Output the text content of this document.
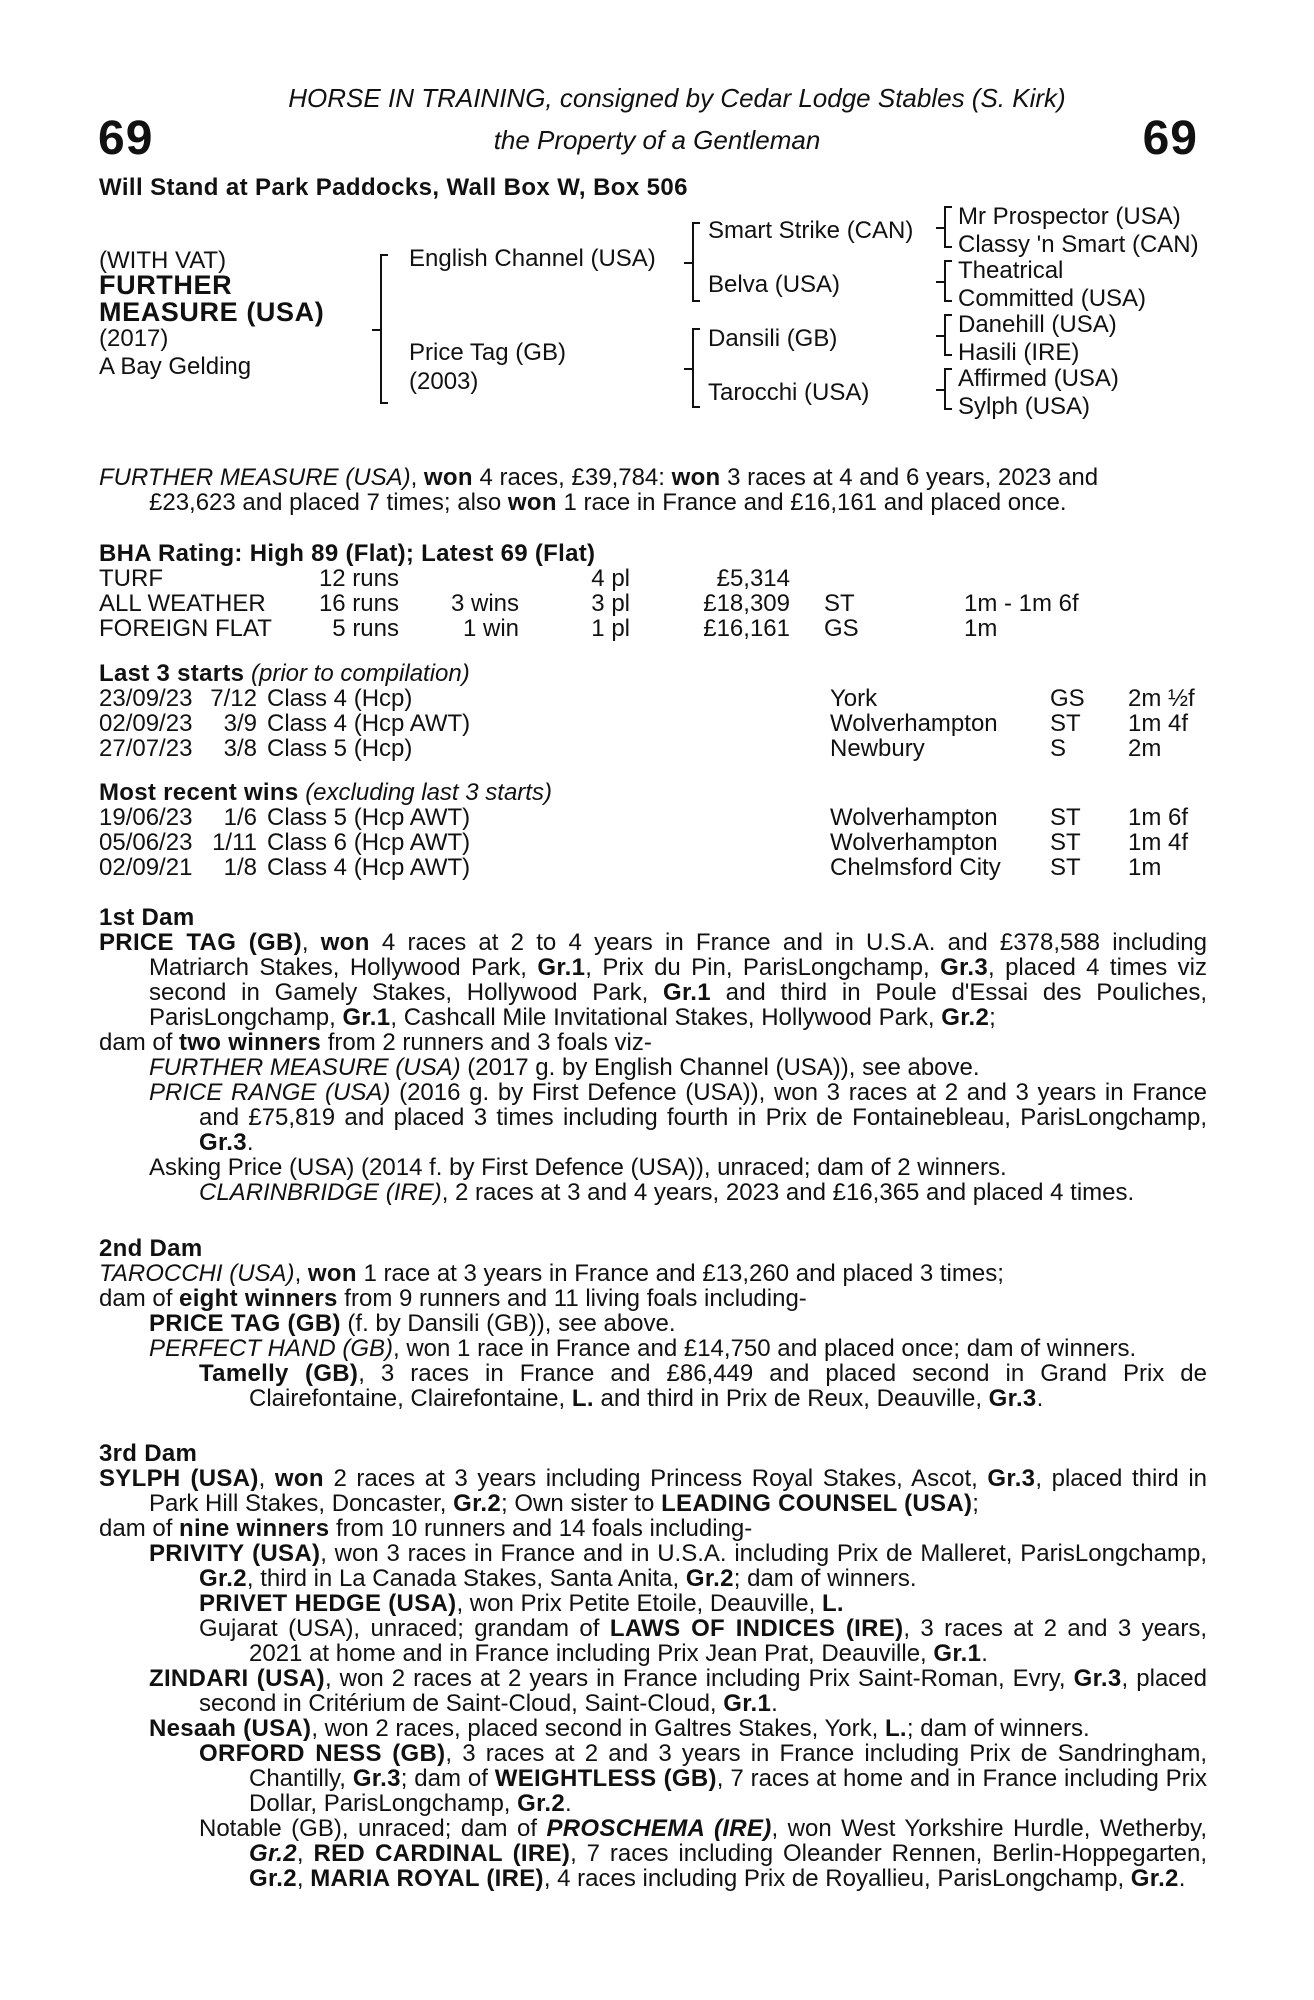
69	69
HORSE IN TRAINING, consigned by Cedar Lodge Stables (S. Kirk)
the Property of a Gentleman
Will Stand at Park Paddocks, Wall Box W, Box 506
(WITH VAT)
FURTHER
MEASURE (USA)
(2017)
A Bay Gelding
English Channel (USA)
Price Tag (GB)
(2003)
Smart Strike (CAN)
Belva (USA)
Dansili (GB)
Tarocchi (USA)
Mr Prospector (USA)
Classy 'n Smart (CAN)
Theatrical
Committed (USA)
Danehill (USA)
Hasili (IRE)
Affirmed (USA)
Sylph (USA)
FURTHER MEASURE (USA), won 4 races, £39,784: won 3 races at 4 and 6 years, 2023 and
£23,623 and placed 7 times; also won 1 race in France and £16,161 and placed once.
BHA Rating: High 89 (Flat); Latest 69 (Flat)
TURF	12 runs		4 pl	£5,314		
ALL WEATHER	16 runs	3 wins	3 pl	£18,309	ST	1m - 1m 6f
FOREIGN FLAT	5 runs	1 win	1 pl	£16,161	GS	1m
Last 3 starts (prior to compilation)
23/09/23	7/12	Class 4 (Hcp)	York	GS	2m ½f
02/09/23	3/9	Class 4 (Hcp AWT)	Wolverhampton	ST	1m 4f
27/07/23	3/8	Class 5 (Hcp)	Newbury	S	2m
Most recent wins (excluding last 3 starts)
19/06/23	1/6	Class 5 (Hcp AWT)	Wolverhampton	ST	1m 6f
05/06/23	1/11	Class 6 (Hcp AWT)	Wolverhampton	ST	1m 4f
02/09/21	1/8	Class 4 (Hcp AWT)	Chelmsford City	ST	1m
1st Dam
PRICE TAG (GB), won 4 races at 2 to 4 years in France and in U.S.A. and £378,588 including Matriarch Stakes, Hollywood Park, Gr.1, Prix du Pin, ParisLongchamp, Gr.3, placed 4 times viz second in Gamely Stakes, Hollywood Park, Gr.1 and third in Poule d'Essai des Pouliches, ParisLongchamp, Gr.1, Cashcall Mile Invitational Stakes, Hollywood Park, Gr.2;
dam of two winners from 2 runners and 3 foals viz-
FURTHER MEASURE (USA) (2017 g. by English Channel (USA)), see above.
PRICE RANGE (USA) (2016 g. by First Defence (USA)), won 3 races at 2 and 3 years in France and £75,819 and placed 3 times including fourth in Prix de Fontainebleau, ParisLongchamp, Gr.3.
Asking Price (USA) (2014 f. by First Defence (USA)), unraced; dam of 2 winners.
CLARINBRIDGE (IRE), 2 races at 3 and 4 years, 2023 and £16,365 and placed 4 times.
2nd Dam
TAROCCHI (USA), won 1 race at 3 years in France and £13,260 and placed 3 times;
dam of eight winners from 9 runners and 11 living foals including-
PRICE TAG (GB) (f. by Dansili (GB)), see above.
PERFECT HAND (GB), won 1 race in France and £14,750 and placed once; dam of winners.
Tamelly (GB), 3 races in France and £86,449 and placed second in Grand Prix de Clairefontaine, Clairefontaine, L. and third in Prix de Reux, Deauville, Gr.3.
3rd Dam
SYLPH (USA), won 2 races at 3 years including Princess Royal Stakes, Ascot, Gr.3, placed third in Park Hill Stakes, Doncaster, Gr.2; Own sister to LEADING COUNSEL (USA);
dam of nine winners from 10 runners and 14 foals including-
PRIVITY (USA), won 3 races in France and in U.S.A. including Prix de Malleret, ParisLongchamp, Gr.2, third in La Canada Stakes, Santa Anita, Gr.2; dam of winners.
PRIVET HEDGE (USA), won Prix Petite Etoile, Deauville, L.
Gujarat (USA), unraced; grandam of LAWS OF INDICES (IRE), 3 races at 2 and 3 years, 2021 at home and in France including Prix Jean Prat, Deauville, Gr.1.
ZINDARI (USA), won 2 races at 2 years in France including Prix Saint-Roman, Evry, Gr.3, placed second in Critérium de Saint-Cloud, Saint-Cloud, Gr.1.
Nesaah (USA), won 2 races, placed second in Galtres Stakes, York, L.; dam of winners.
ORFORD NESS (GB), 3 races at 2 and 3 years in France including Prix de Sandringham, Chantilly, Gr.3; dam of WEIGHTLESS (GB), 7 races at home and in France including Prix Dollar, ParisLongchamp, Gr.2.
Notable (GB), unraced; dam of PROSCHEMA (IRE), won West Yorkshire Hurdle, Wetherby, Gr.2, RED CARDINAL (IRE), 7 races including Oleander Rennen, Berlin-Hoppegarten, Gr.2, MARIA ROYAL (IRE), 4 races including Prix de Royallieu, ParisLongchamp, Gr.2.
